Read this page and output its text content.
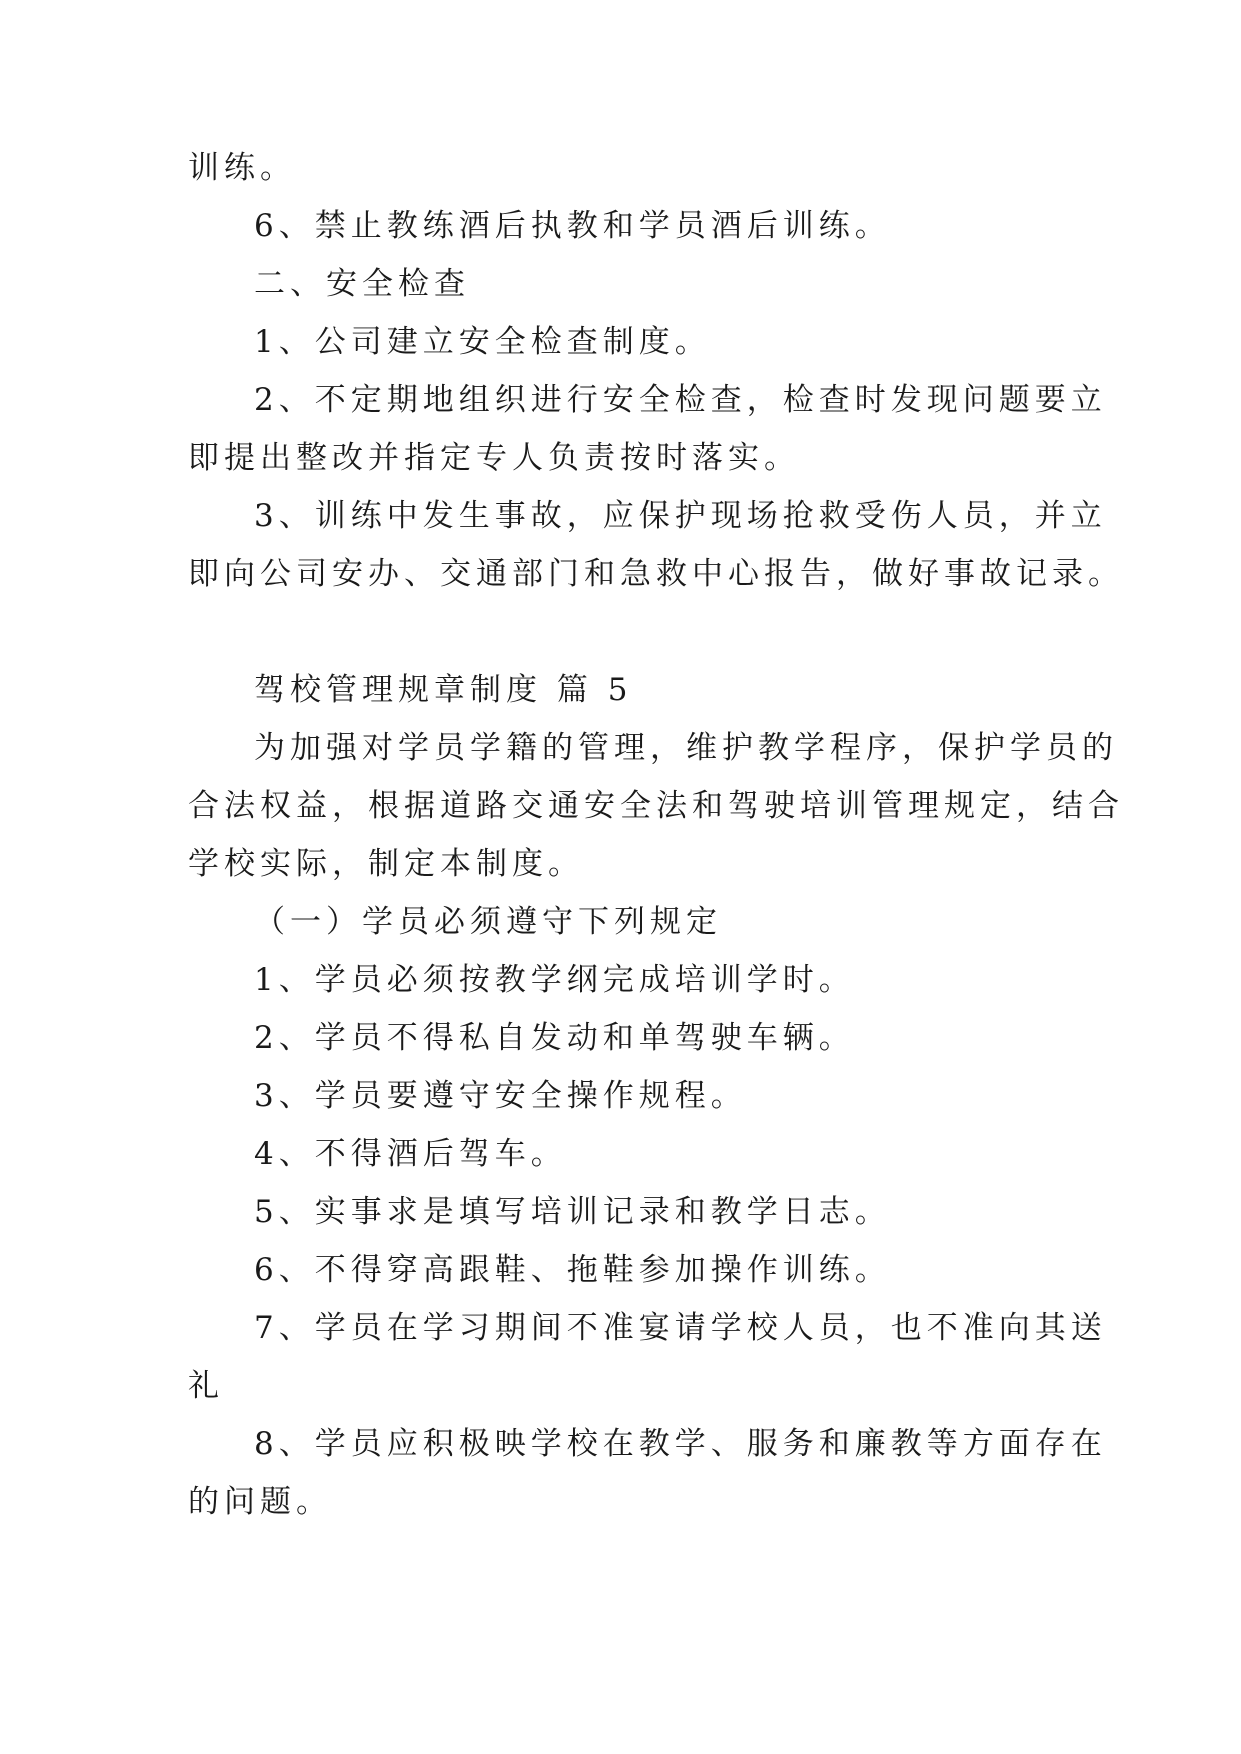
训练。
6、禁止教练酒后执教和学员酒后训练。
二、安全检查
1、公司建立安全检查制度。
2、不定期地组织进行安全检查，检查时发现问题要立
即提出整改并指定专人负责按时落实。
3、训练中发生事故，应保护现场抢救受伤人员，并立
即向公司安办、交通部门和急救中心报告，做好事故记录。
驾校管理规章制度 篇 5
为加强对学员学籍的管理，维护教学程序，保护学员的
合法权益，根据道路交通安全法和驾驶培训管理规定，结合
学校实际，制定本制度。
（一）学员必须遵守下列规定
1、学员必须按教学纲完成培训学时。
2、学员不得私自发动和单驾驶车辆。
3、学员要遵守安全操作规程。
4、不得酒后驾车。
5、实事求是填写培训记录和教学日志。
6、不得穿高跟鞋、拖鞋参加操作训练。
7、学员在学习期间不准宴请学校人员，也不准向其送
礼
8、学员应积极映学校在教学、服务和廉教等方面存在
的问题。
